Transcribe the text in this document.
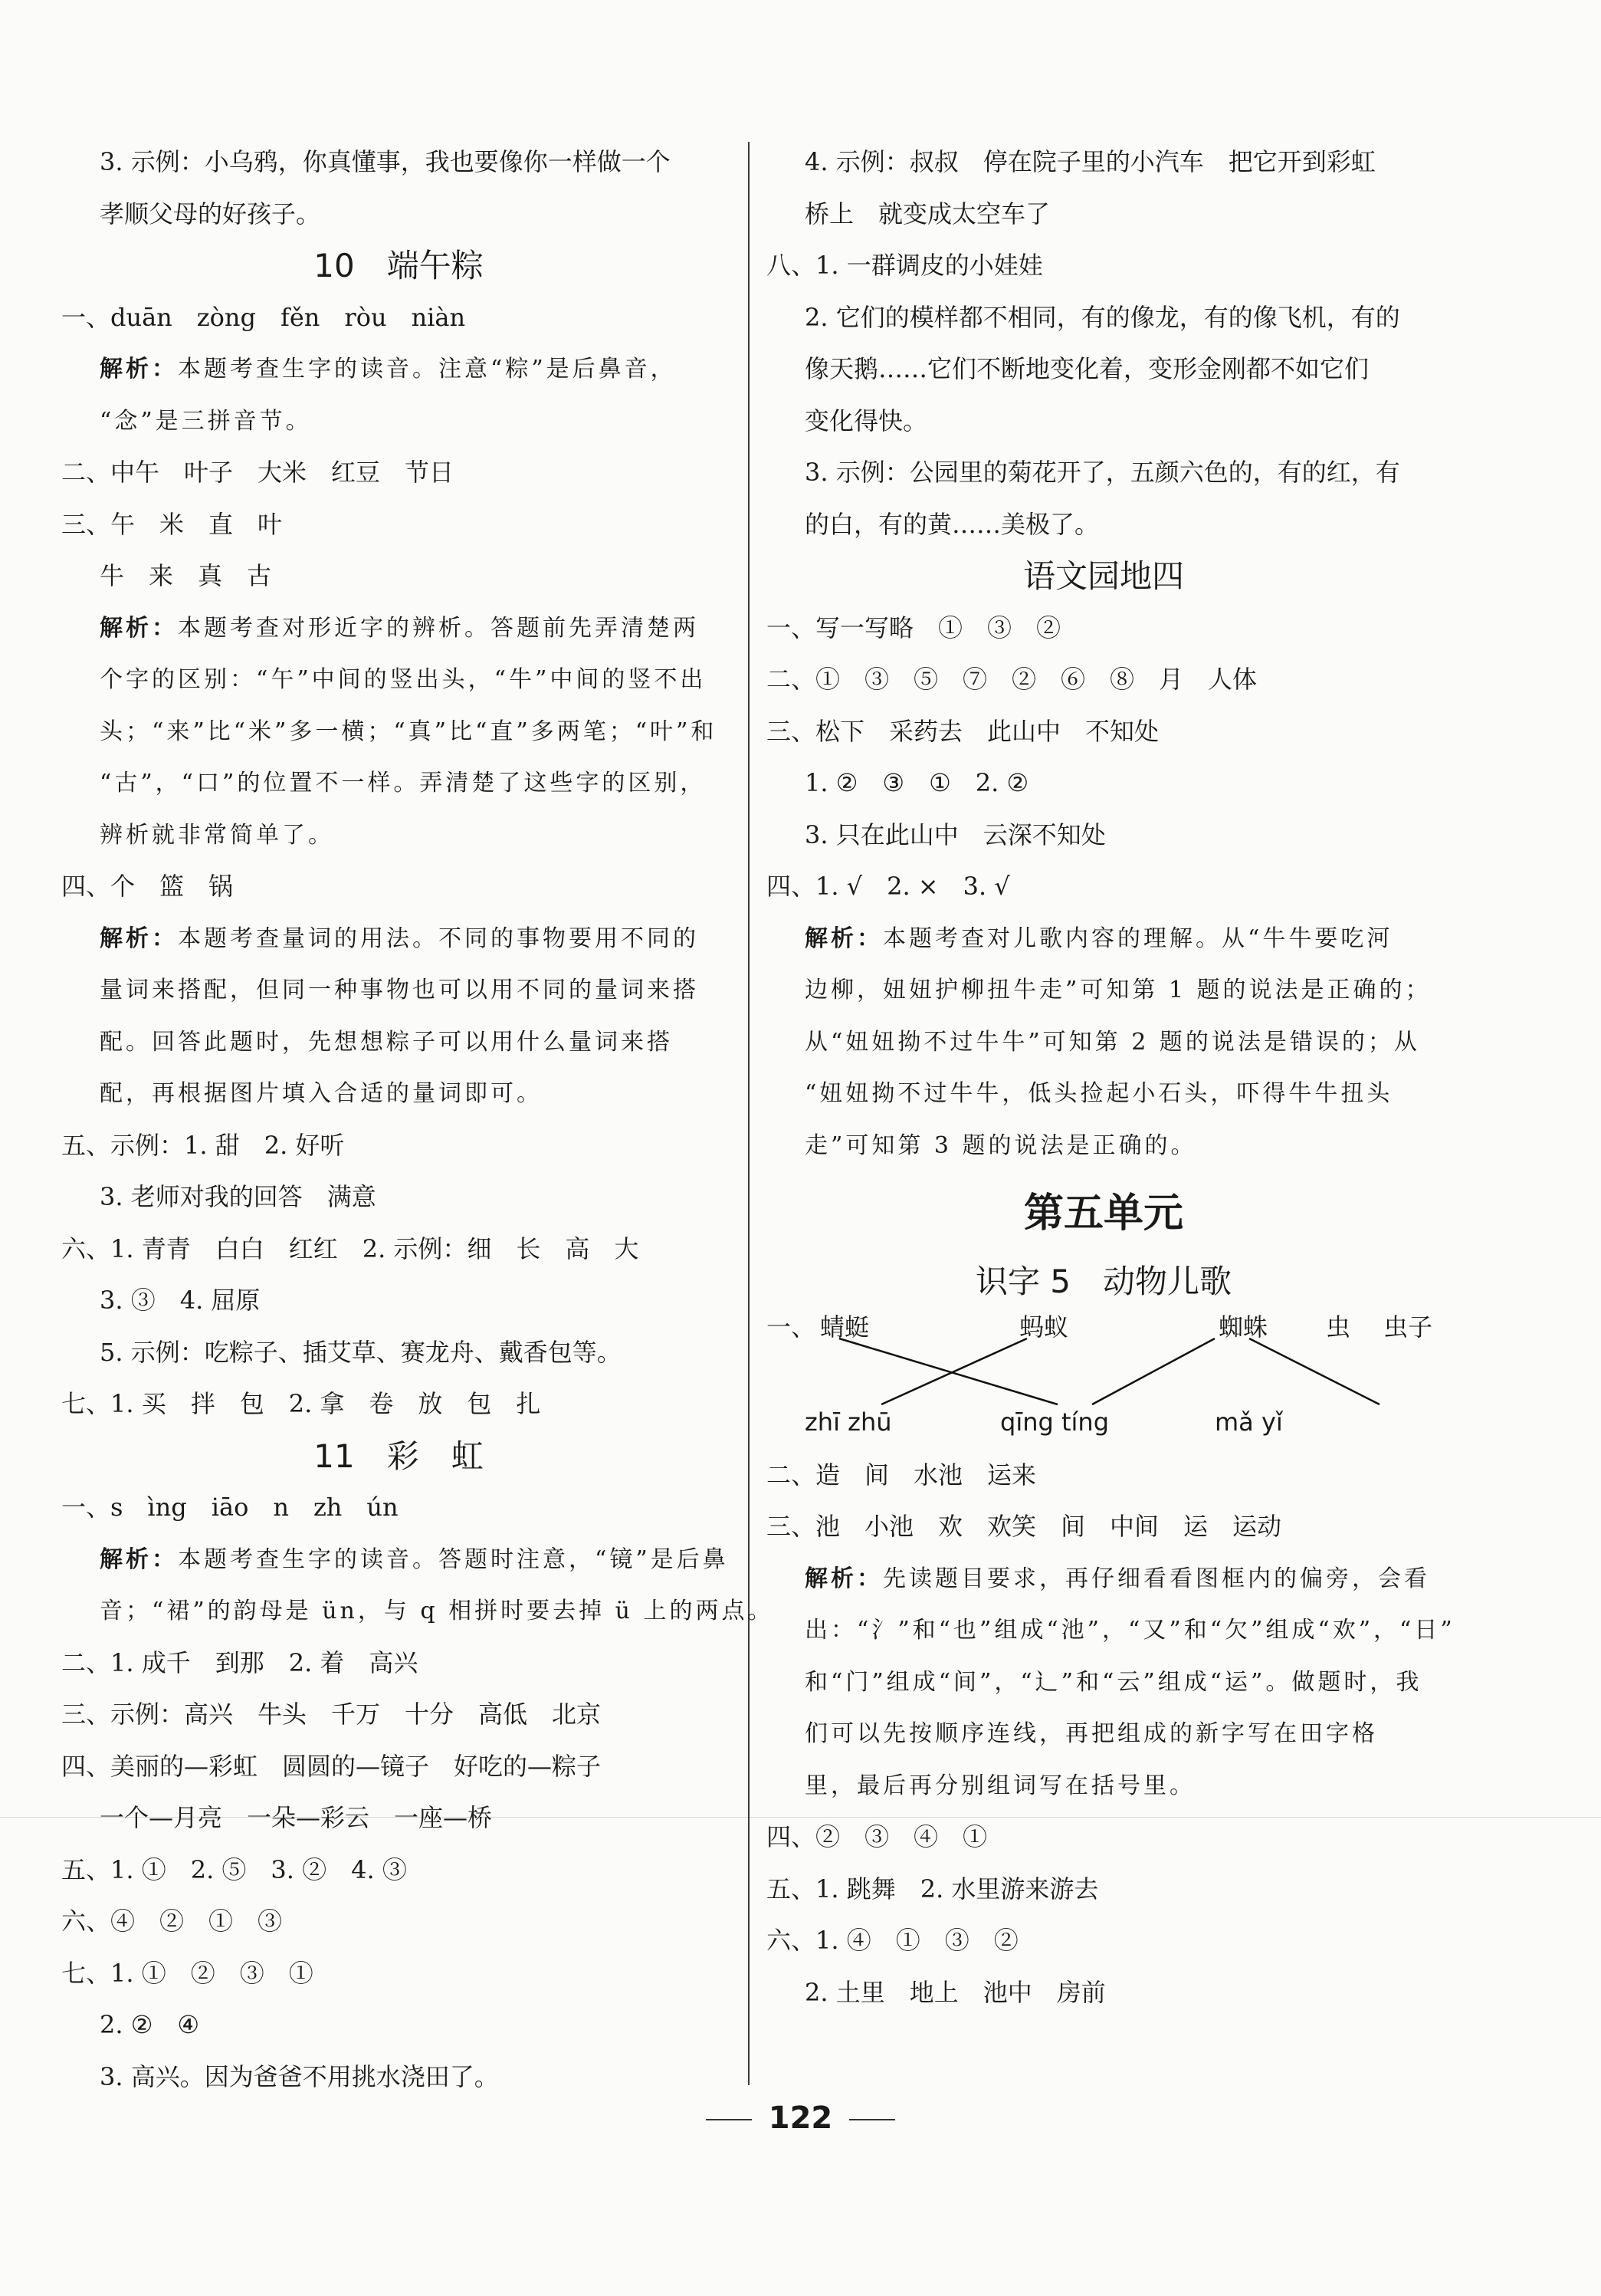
3. 示例：小乌鸦，你真懂事，我也要像你一样做一个
孝顺父母的好孩子。
10　端午粽
一、duān　zòng　fěn　ròu　niàn
解析：本题考查生字的读音。注意“粽”是后鼻音，
“念”是三拼音节。
二、中午　叶子　大米　红豆　节日
三、午　米　直　叶
牛　来　真　古
解析：本题考查对形近字的辨析。答题前先弄清楚两
个字的区别：“午”中间的竖出头，“牛”中间的竖不出
头；“来”比“米”多一横；“真”比“直”多两笔；“叶”和
“古”，“口”的位置不一样。弄清楚了这些字的区别，
辨析就非常简单了。
四、个　篮　锅
解析：本题考查量词的用法。不同的事物要用不同的
量词来搭配，但同一种事物也可以用不同的量词来搭
配。回答此题时，先想想粽子可以用什么量词来搭
配，再根据图片填入合适的量词即可。
五、示例：1. 甜　2. 好听
3. 老师对我的回答　满意
六、1. 青青　白白　红红　2. 示例：细　长　高　大
3. ③　4. 屈原
5. 示例：吃粽子、插艾草、赛龙舟、戴香包等。
七、1. 买　拌　包　2. 拿　卷　放　包　扎
11　彩　虹
一、s　ìng　iāo　n　zh　ún
解析：本题考查生字的读音。答题时注意，“镜”是后鼻
音；“裙”的韵母是 ün，与 q 相拼时要去掉 ü 上的两点。
二、1. 成千　到那　2. 着　高兴
三、示例：高兴　牛头　千万　十分　高低　北京
四、美丽的—彩虹　圆圆的—镜子　好吃的—粽子
一个—月亮　一朵—彩云　一座—桥
五、1. ①　2. ⑤　3. ②　4. ③
六、④　②　①　③
七、1. ①　②　③　①
2. ②　④
3. 高兴。因为爸爸不用挑水浇田了。
4. 示例：叔叔　停在院子里的小汽车　把它开到彩虹
桥上　就变成太空车了
八、1. 一群调皮的小娃娃
2. 它们的模样都不相同，有的像龙，有的像飞机，有的
像天鹅……它们不断地变化着，变形金刚都不如它们
变化得快。
3. 示例：公园里的菊花开了，五颜六色的，有的红，有
的白，有的黄……美极了。
语文园地四
一、写一写略　①　③　②
二、①　③　⑤　⑦　②　⑥　⑧　月　人体
三、松下　采药去　此山中　不知处
1. ②　③　①　2. ②
3. 只在此山中　云深不知处
四、1. √　2. ×　3. √
解析：本题考查对儿歌内容的理解。从“牛牛要吃河
边柳，妞妞护柳扭牛走”可知第 1 题的说法是正确的；
从“妞妞拗不过牛牛”可知第 2 题的说法是错误的；从
“妞妞拗不过牛牛，低头捡起小石头，吓得牛牛扭头
走”可知第 3 题的说法是正确的。
第五单元
识字 5　动物儿歌
一、 蜻蜓	蚂蚁	蜘蛛 虫 虫子
zhī zhū	qīng tíng	mǎ yǐ
二、造　间　水池　运来
三、池　小池　欢　欢笑　间　中间　运　运动
解析：先读题目要求，再仔细看看图框内的偏旁，会看
出：“氵”和“也”组成“池”，“又”和“欠”组成“欢”，“日”
和“门”组成“间”，“辶”和“云”组成“运”。做题时，我
们可以先按顺序连线，再把组成的新字写在田字格
里，最后再分别组词写在括号里。
四、②　③　④　①
五、1. 跳舞　2. 水里游来游去
六、1. ④　①　③　②
2. 土里　地上　池中　房前
122
